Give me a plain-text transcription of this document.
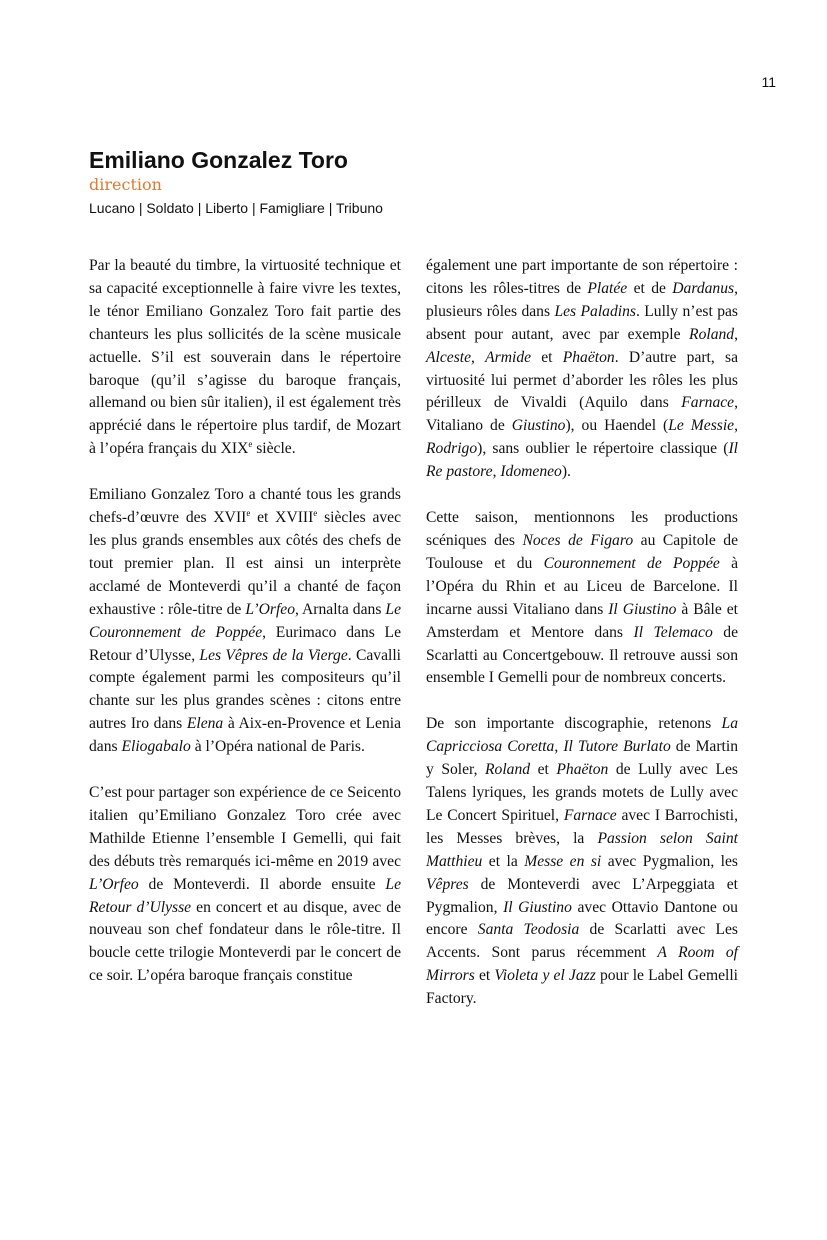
11
Emiliano Gonzalez Toro
direction
Lucano | Soldato | Liberto | Famigliare | Tribuno

Par la beauté du timbre, la virtuosité technique et sa capacité exceptionnelle à faire vivre les textes, le ténor Emiliano Gonzalez Toro fait partie des chanteurs les plus sollicités de la scène musicale actuelle. S’il est souverain dans le répertoire baroque (qu’il s’agisse du baroque français, allemand ou bien sûr italien), il est également très apprécié dans le répertoire plus tardif, de Mozart à l’opéra français du XIXe siècle.

Emiliano Gonzalez Toro a chanté tous les grands chefs-d’œuvre des XVIIe et XVIIIe siècles avec les plus grands ensembles aux côtés des chefs de tout premier plan. Il est ainsi un interprète acclamé de Monteverdi qu’il a chanté de façon exhaustive : rôle-titre de L’Orfeo, Arnalta dans Le Couronnement de Poppée, Eurimaco dans Le Retour d’Ulysse, Les Vêpres de la Vierge. Cavalli compte également parmi les compositeurs qu’il chante sur les plus grandes scènes : citons entre autres Iro dans Elena à Aix-en-Provence et Lenia dans Eliogabalo à l’Opéra national de Paris.

C’est pour partager son expérience de ce Seicento italien qu’Emiliano Gonzalez Toro crée avec Mathilde Etienne l’ensemble I Gemelli, qui fait des débuts très remarqués ici-même en 2019 avec L’Orfeo de Monteverdi. Il aborde ensuite Le Retour d’Ulysse en concert et au disque, avec de nouveau son chef fondateur dans le rôle-titre. Il boucle cette trilogie Monteverdi par le concert de ce soir. L’opéra baroque français constitue

également une part importante de son répertoire : citons les rôles-titres de Platée et de Dardanus, plusieurs rôles dans Les Paladins. Lully n’est pas absent pour autant, avec par exemple Roland, Alceste, Armide et Phaëton. D’autre part, sa virtuosité lui permet d’aborder les rôles les plus périlleux de Vivaldi (Aquilo dans Farnace, Vitaliano de Giustino), ou Haendel (Le Messie, Rodrigo), sans oublier le répertoire classique (Il Re pastore, Idomeneo).

Cette saison, mentionnons les productions scéniques des Noces de Figaro au Capitole de Toulouse et du Couronnement de Poppée à l’Opéra du Rhin et au Liceu de Barcelone. Il incarne aussi Vitaliano dans Il Giustino à Bâle et Amsterdam et Mentore dans Il Telemaco de Scarlatti au Concertgebouw. Il retrouve aussi son ensemble I Gemelli pour de nombreux concerts.

De son importante discographie, retenons La Capricciosa Coretta, Il Tutore Burlato de Martin y Soler, Roland et Phaëton de Lully avec Les Talens lyriques, les grands motets de Lully avec Le Concert Spirituel, Farnace avec I Barrochisti, les Messes brèves, la Passion selon Saint Matthieu et la Messe en si avec Pygmalion, les Vêpres de Monteverdi avec L’Arpeggiata et Pygmalion, Il Giustino avec Ottavio Dantone ou encore Santa Teodosia de Scarlatti avec Les Accents. Sont parus récemment A Room of Mirrors et Violeta y el Jazz pour le Label Gemelli Factory.
